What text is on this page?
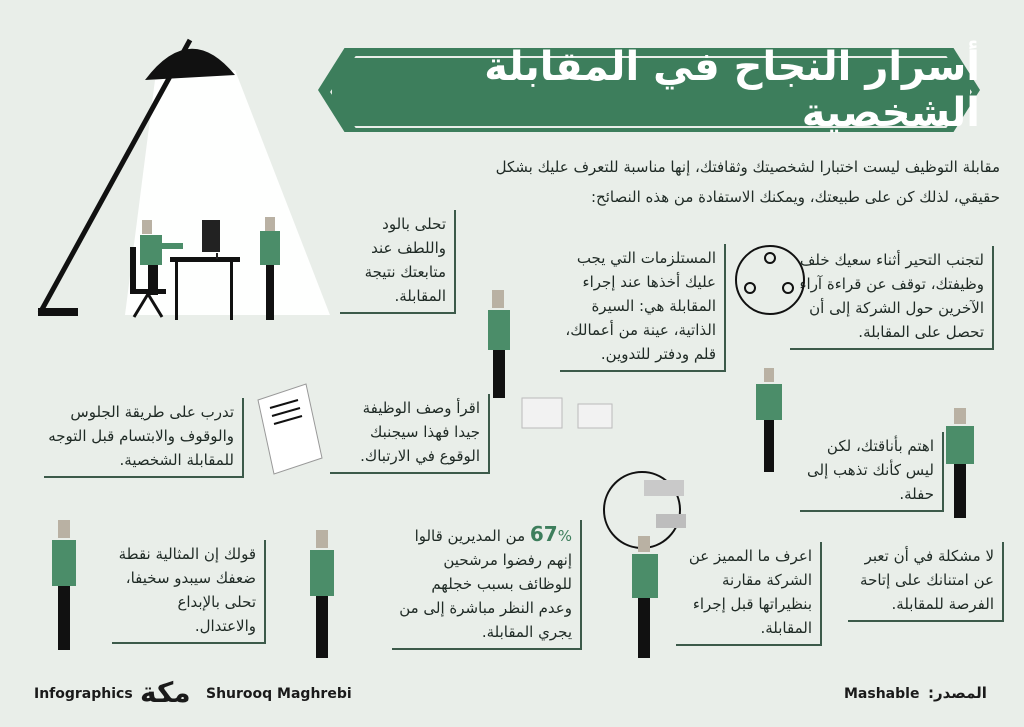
أسرار النجاح في المقابلة الشخصية
مقابلة التوظيف ليست اختبارا لشخصيتك وثقافتك، إنها مناسبة للتعرف عليك بشكل حقيقي، لذلك كن على طبيعتك، ويمكنك الاستفادة من هذه النصائح:
تحلى بالود واللطف عند متابعتك نتيجة المقابلة.
المستلزمات التي يجب عليك أخذها عند إجراء المقابلة هي: السيرة الذاتية، عينة من أعمالك، قلم ودفتر للتدوين.
لتجنب التحير أثناء سعيك خلف وظيفتك، توقف عن قراءة آراء الآخرين حول الشركة إلى أن تحصل على المقابلة.
تدرب على طريقة الجلوس والوقوف والابتسام قبل التوجه للمقابلة الشخصية.
اقرأ وصف الوظيفة جيدا فهذا سيجنبك الوقوع في الارتباك.
اهتم بأناقتك، لكن ليس كأنك تذهب إلى حفلة.
قولك إن المثالية نقطة ضعفك سيبدو سخيفا، تحلى بالإبداع والاعتدال.
67% من المديرين قالوا إنهم رفضوا مرشحين للوظائف بسبب خجلهم وعدم النظر مباشرة إلى من يجري المقابلة.
اعرف ما المميز عن الشركة مقارنة بنظيراتها قبل إجراء المقابلة.
لا مشكلة في أن تعبر عن امتنانك على إتاحة الفرصة للمقابلة.
Infographics مكة Shurooq Maghrebi	Mashable المصدر:
